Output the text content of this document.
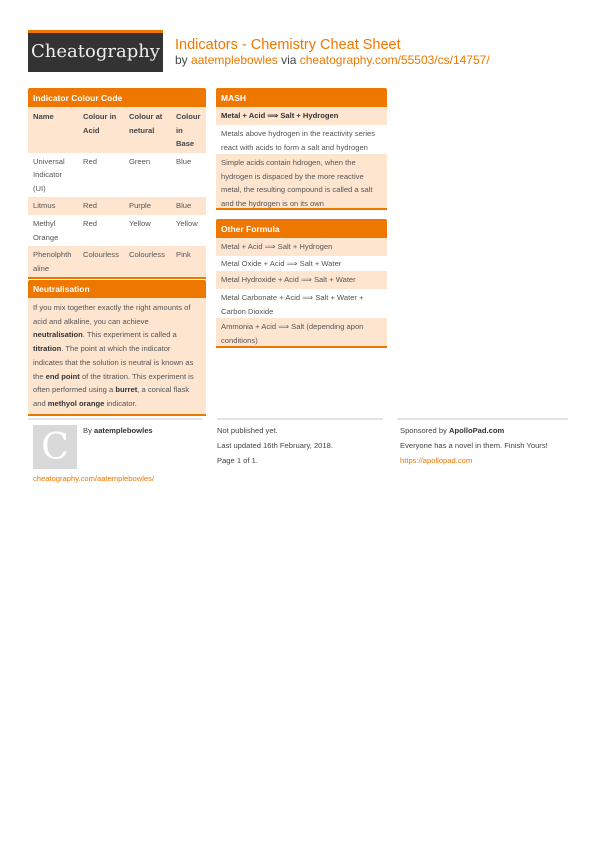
Cheatography Indicators - Chemistry Cheat Sheet
by aatemplebowles via cheatography.com/55503/cs/14757/
Indicator Colour Code
Name	Colour in Acid	Colour at netural	Colour in Base
Universal Indicator (UI)	Red	Green	Blue
Litmus	Red	Purple	Blue
Methyl Orange	Red	Yellow	Yellow
Phenolphthaline	Colourless	Colourless	Pink
Neutralisation
If you mix together exactly the right amounts of acid and alkaline, you can achieve neutralisation. This experiment is called a titration. The point at which the indicator indicates that the solution is neutral is known as the end point of the titration. This experiment is often performed using a burret, a conical flask and methyol orange indicator.
MASH
Metal + Acid ⟹ Salt + Hydrogen
Metals above hydrogen in the reactivity series react with acids to form a salt and hydrogen
Simple acids contain hdrogen, when the hydrogen is dispaced by the more reactive metal, the resulting compound is called a salt and the hydrogen is on its own
Other Formula
Metal + Acid ⟹ Salt + Hydrogen
Metal Oxide + Acid ⟹ Salt + Water
Metal Hydroxide + Acid ⟹ Salt + Water
Metal Carbonate + Acid ⟹ Salt + Water + Carbon Dioxide
Ammonia + Acid ⟹ Salt (depending apon conditions)
C	By aatemplebowles
cheatography.com/aatemplebowles/
Not published yet.
Last updated 16th February, 2018.
Page 1 of 1.
Sponsored by ApolloPad.com
Everyone has a novel in them. Finish Yours!
https://apollopad.com
